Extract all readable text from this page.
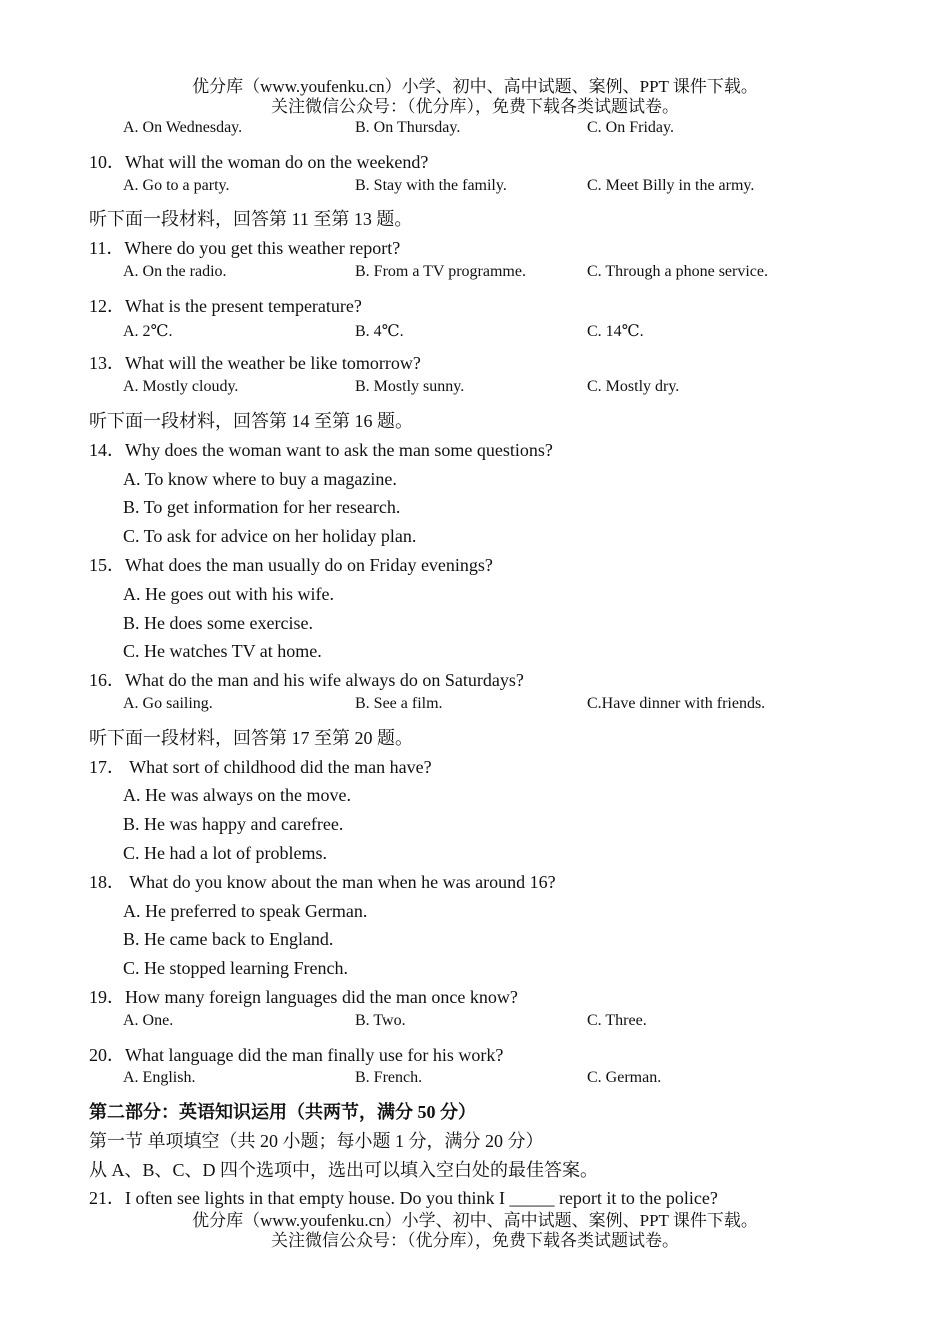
优分库（www.youfenku.cn）小学、初中、高中试题、案例、PPT 课件下载。
关注微信公众号：（优分库），免费下载各类试题试卷。
A. On Wednesday.	B. On Thursday.	C. On Friday.
10．What will the woman do on the weekend?
A. Go to a party.	B. Stay with the family.	C. Meet Billy in the army.
听下面一段材料，回答第 11 至第 13 题。
11．Where do you get this weather report?
A. On the radio.	B. From a TV programme.	C. Through a phone service.
12．What is the present temperature?
A. 2℃.	B. 4℃.	C. 14℃.
13．What will the weather be like tomorrow?
A. Mostly cloudy.	B. Mostly sunny.	C. Mostly dry.
听下面一段材料，回答第 14 至第 16 题。
14．Why does the woman want to ask the man some questions?
A. To know where to buy a magazine.
B. To get information for her research.
C. To ask for advice on her holiday plan.
15．What does the man usually do on Friday evenings?
A. He goes out with his wife.
B. He does some exercise.
C. He watches TV at home.
16．What do the man and his wife always do on Saturdays?
A. Go sailing.	B. See a film.	C.Have dinner with friends.
听下面一段材料，回答第 17 至第 20 题。
17． What sort of childhood did the man have?
A. He was always on the move.
B. He was happy and carefree.
C. He had a lot of problems.
18． What do you know about the man when he was around 16?
A. He preferred to speak German.
B. He came back to England.
C. He stopped learning French.
19．How many foreign languages did the man once know?
A. One.	B. Two.	C. Three.
20．What language did the man finally use for his work?
A. English.	B. French.	C. German.
第二部分：英语知识运用（共两节，满分 50 分）
第一节 单项填空（共 20 小题；每小题 1 分，满分 20 分）
从 A、B、C、D 四个选项中，选出可以填入空白处的最佳答案。
21．I often see lights in that empty house. Do you think I _____ report it to the police?
优分库（www.youfenku.cn）小学、初中、高中试题、案例、PPT 课件下载。
关注微信公众号：（优分库），免费下载各类试题试卷。
